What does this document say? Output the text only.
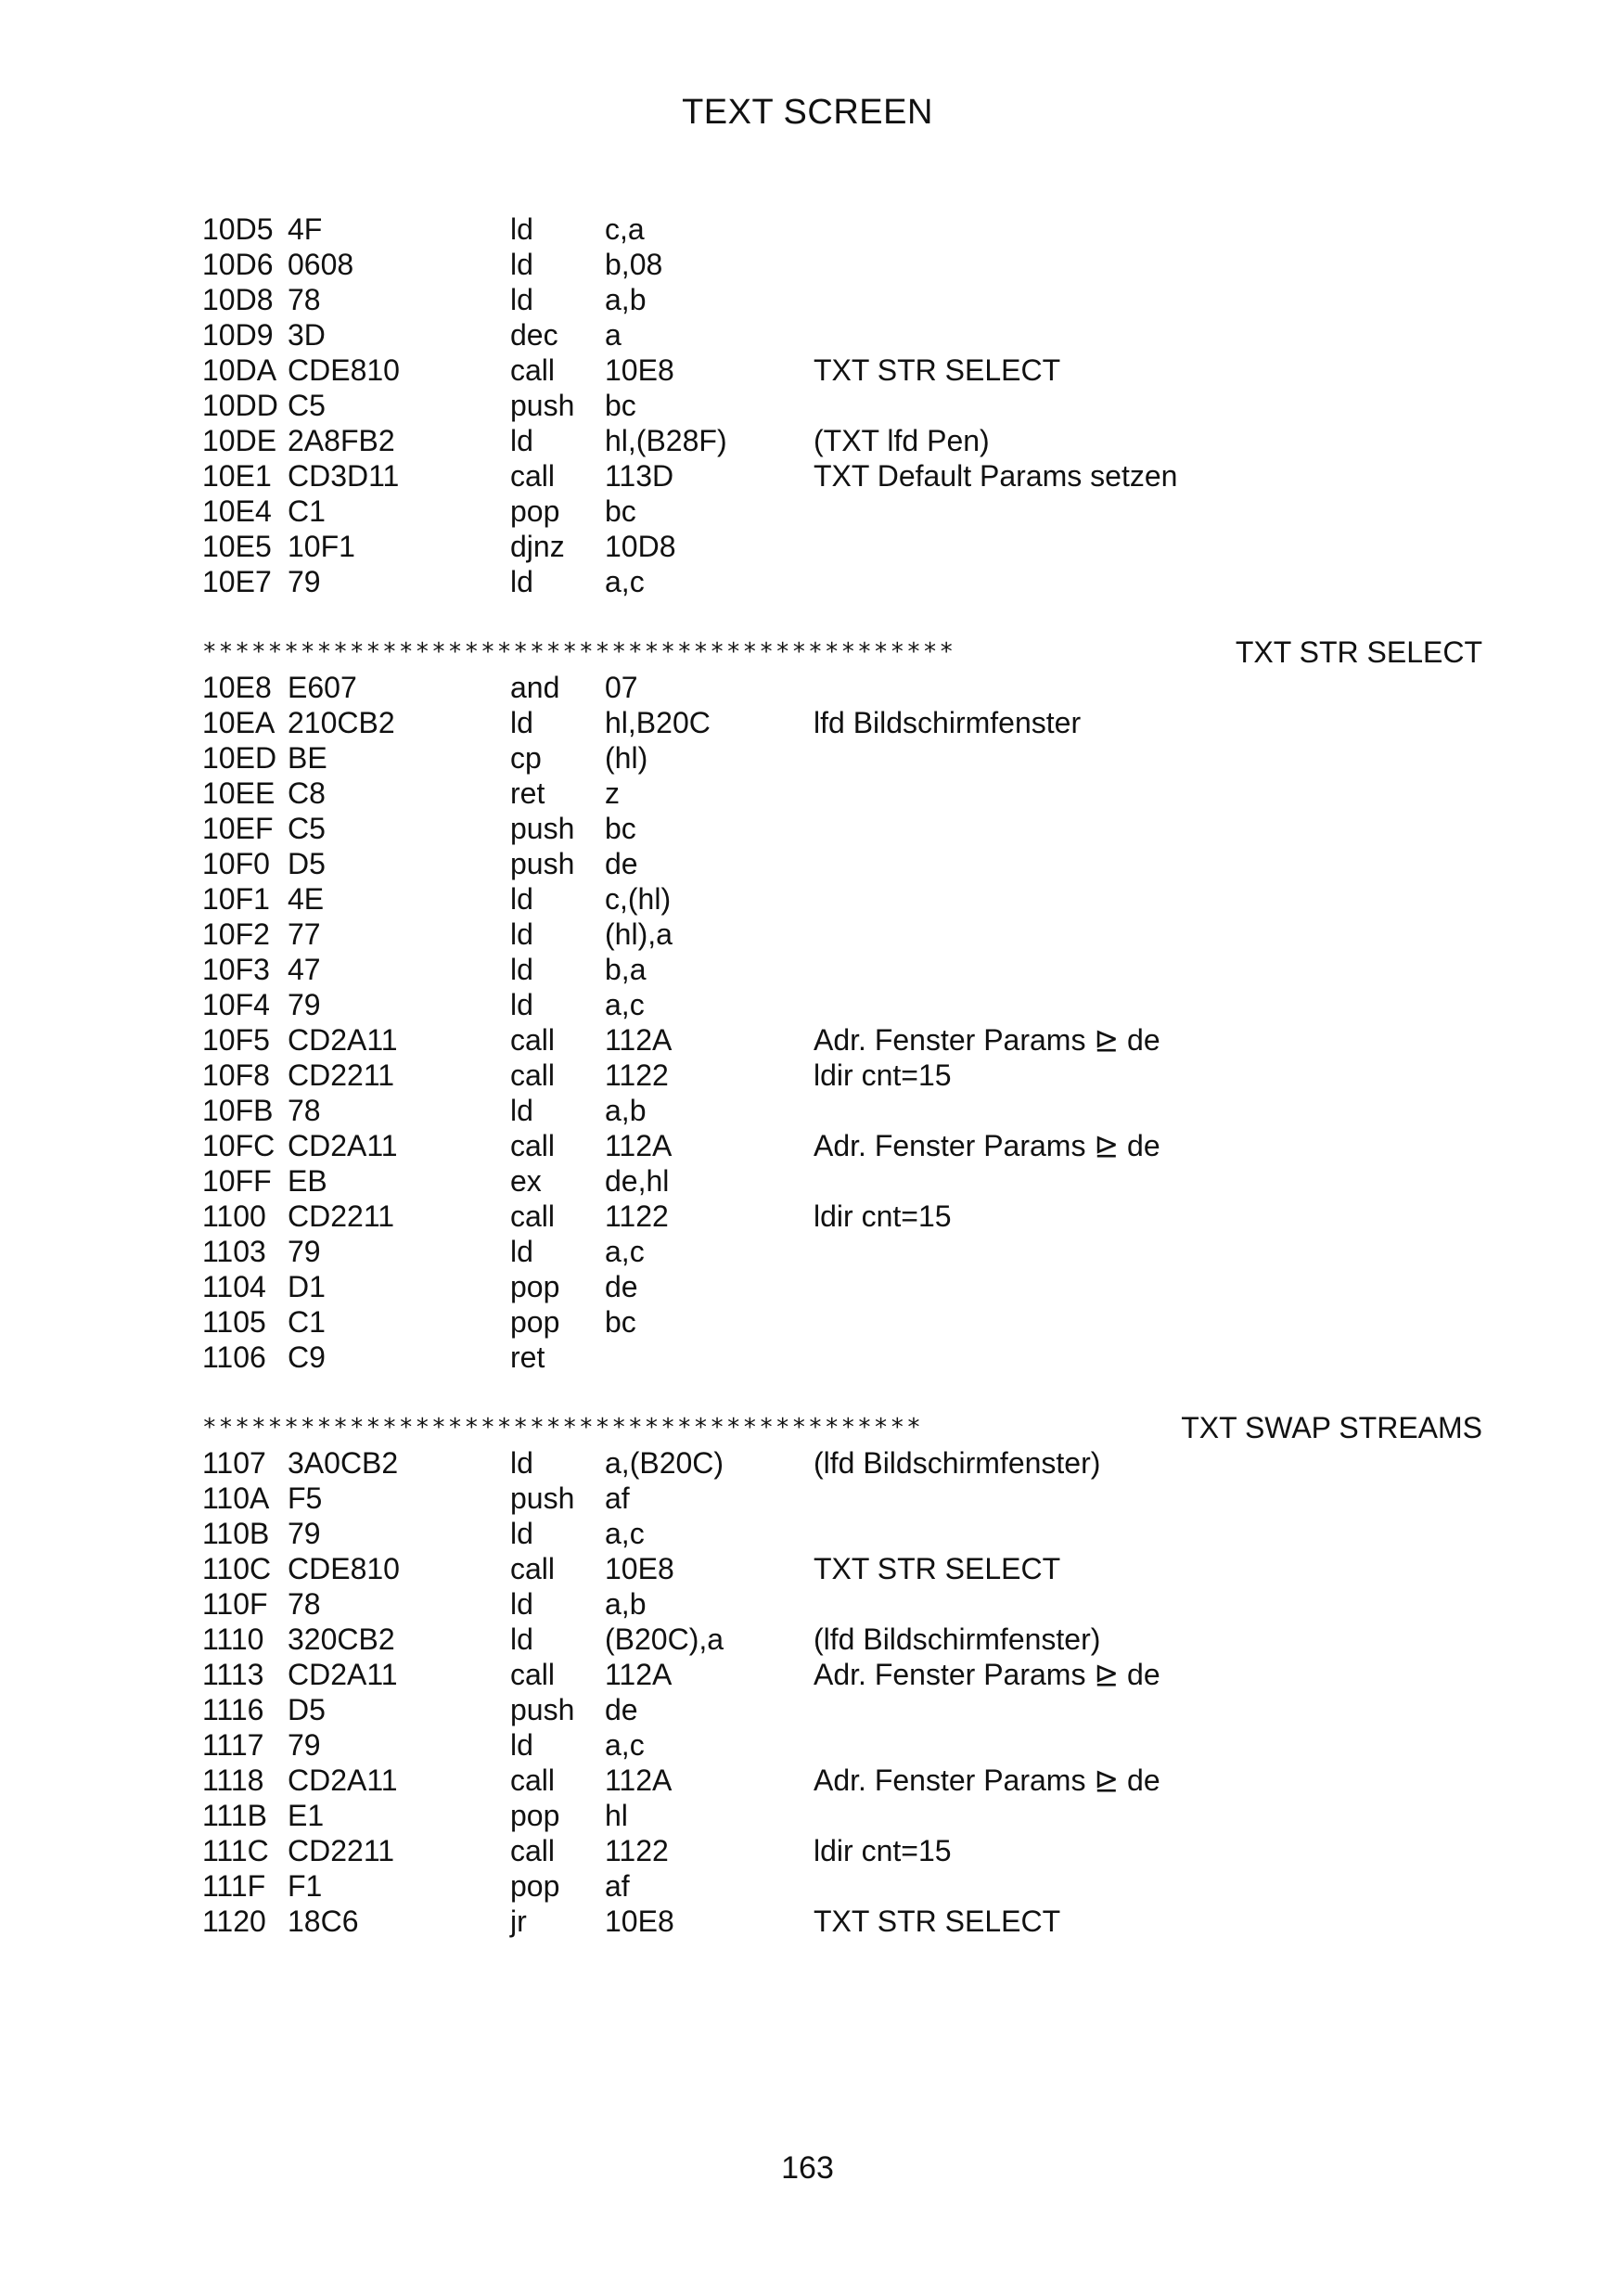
TEXT SCREEN
10D5 4F	ld	c,a
10D6 0608	ld	b,08
10D8 78	ld	a,b
10D9 3D	dec	a
10DA CDE810	call	10E8	TXT STR SELECT
10DD C5	push	bc
10DE 2A8FB2	ld	hl,(B28F)	(TXT lfd Pen)
10E1 CD3D11	call	113D	TXT Default Params setzen
10E4 C1	pop	bc
10E5 10F1	djnz	10D8
10E7 79	ld	a,c
**********************************************	TXT STR SELECT
10E8 E607	and	07
10EA 210CB2	ld	hl,B20C	lfd Bildschirmfenster
10ED BE	cp	(hl)
10EE C8	ret	z
10EF C5	push	bc
10F0 D5	push	de
10F1 4E	ld	c,(hl)
10F2 77	ld	(hl),a
10F3 47	ld	b,a
10F4 79	ld	a,c
10F5 CD2A11	call	112A	Adr. Fenster Params ⊵ de
10F8 CD2211	call	1122	ldir cnt=15
10FB 78	ld	a,b
10FC CD2A11	call	112A	Adr. Fenster Params ⊵ de
10FF EB	ex	de,hl
1100 CD2211	call	1122	ldir cnt=15
1103 79	ld	a,c
1104 D1	pop	de
1105 C1	pop	bc
1106 C9	ret
********************************************	TXT SWAP STREAMS
1107 3A0CB2	ld	a,(B20C)	(lfd Bildschirmfenster)
110A F5	push	af
110B 79	ld	a,c
110C CDE810	call	10E8	TXT STR SELECT
110F 78	ld	a,b
1110 320CB2	ld	(B20C),a	(lfd Bildschirmfenster)
1113 CD2A11	call	112A	Adr. Fenster Params ⊵ de
1116 D5	push	de
1117 79	ld	a,c
1118 CD2A11	call	112A	Adr. Fenster Params ⊵ de
111B E1	pop	hl
111C CD2211	call	1122	ldir cnt=15
111F F1	pop	af
1120 18C6	jr	10E8	TXT STR SELECT
163
